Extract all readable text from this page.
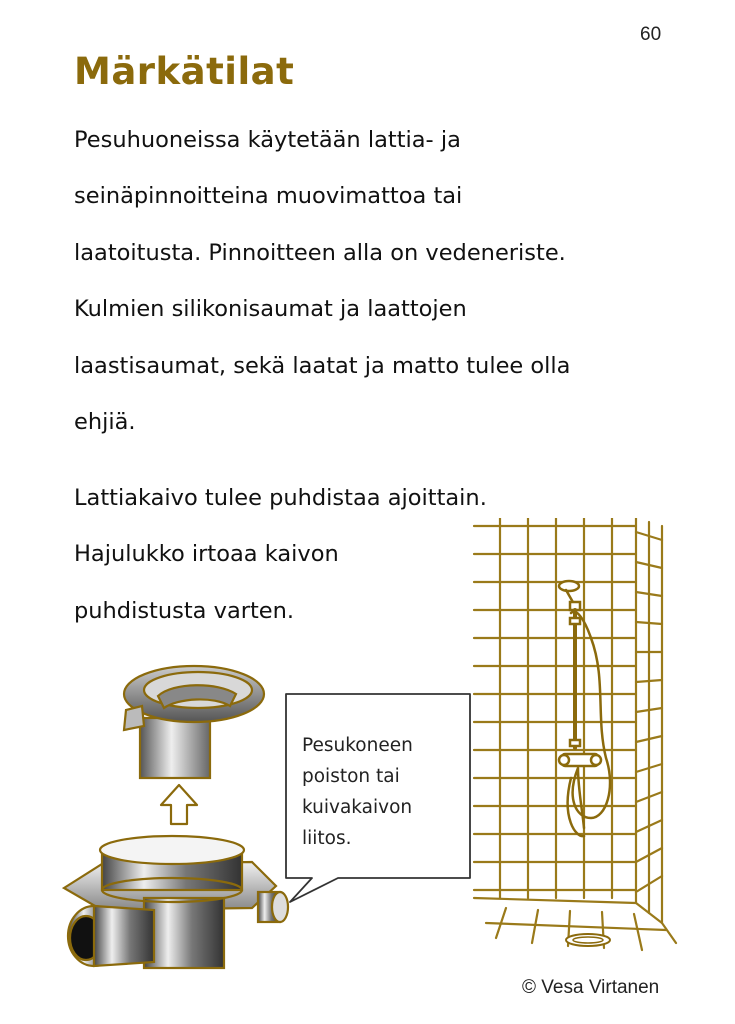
60
Märkätilat

Pesuhuoneissa käytetään lattia- ja
seinäpinnoitteina muovimattoa tai
laatoitusta. Pinnoitteen alla on vedeneriste.
Kulmien silikonisaumat ja laattojen
laastisaumat, sekä laatat ja matto tulee olla
ehjiä.

Lattiakaivo tulee puhdistaa ajoittain.
Hajulukko irtoaa kaivon
puhdistusta varten.

Pesukoneen
poiston tai
kuivakaivon
liitos.

© Vesa Virtanen
